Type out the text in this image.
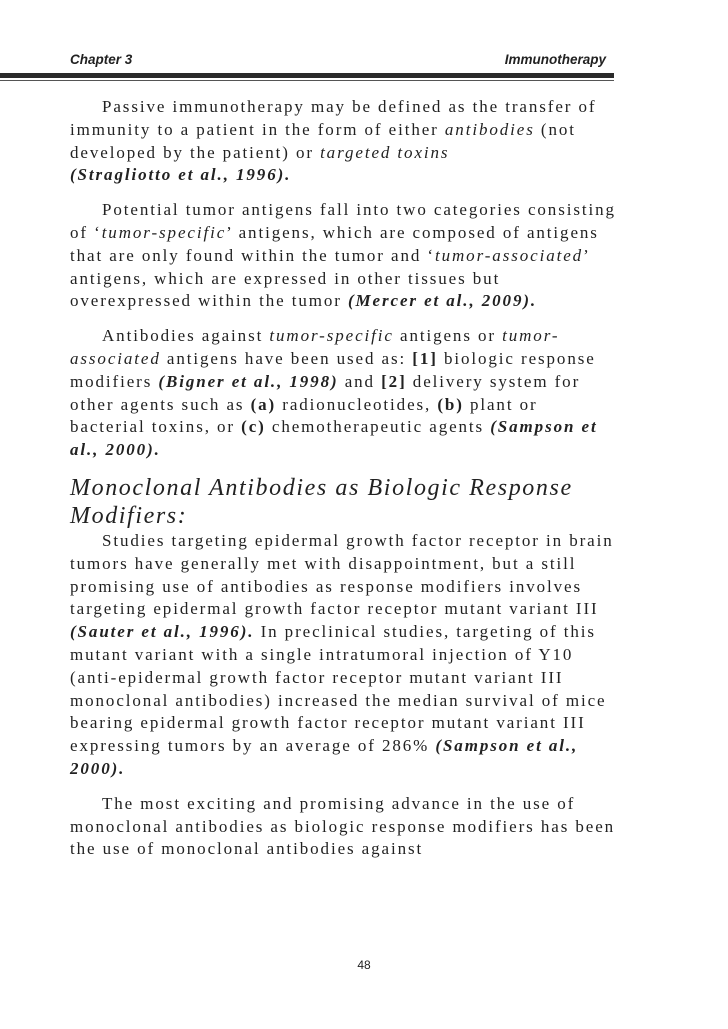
Chapter 3	Immunotherapy

Passive immunotherapy may be defined as the transfer of immunity to a patient in the form of either antibodies (not developed by the patient) or targeted toxins
(Stragliotto et al., 1996).

Potential tumor antigens fall into two categories consisting of ‘tumor-specific’ antigens, which are composed of antigens that are only found within the tumor and ‘tumor-associated’ antigens, which are expressed in other tissues but overexpressed within the tumor (Mercer et al., 2009).

Antibodies against tumor-specific antigens or tumor-associated antigens have been used as: [1] biologic response modifiers (Bigner et al., 1998) and [2] delivery system for other agents such as (a) radionucleotides, (b) plant or bacterial toxins, or (c) chemotherapeutic agents (Sampson et al., 2000).

Monoclonal Antibodies as Biologic Response Modifiers:

Studies targeting epidermal growth factor receptor in brain tumors have generally met with disappointment, but a still promising use of antibodies as response modifiers involves targeting epidermal growth factor receptor mutant variant III (Sauter et al., 1996). In preclinical studies, targeting of this mutant variant with a single intratumoral injection of Y10 (anti-epidermal growth factor receptor mutant variant III monoclonal antibodies) increased the median survival of mice bearing epidermal growth factor receptor mutant variant III expressing tumors by an average of 286% (Sampson et al., 2000).

The most exciting and promising advance in the use of monoclonal antibodies as biologic response modifiers has been the use of monoclonal antibodies against

48
